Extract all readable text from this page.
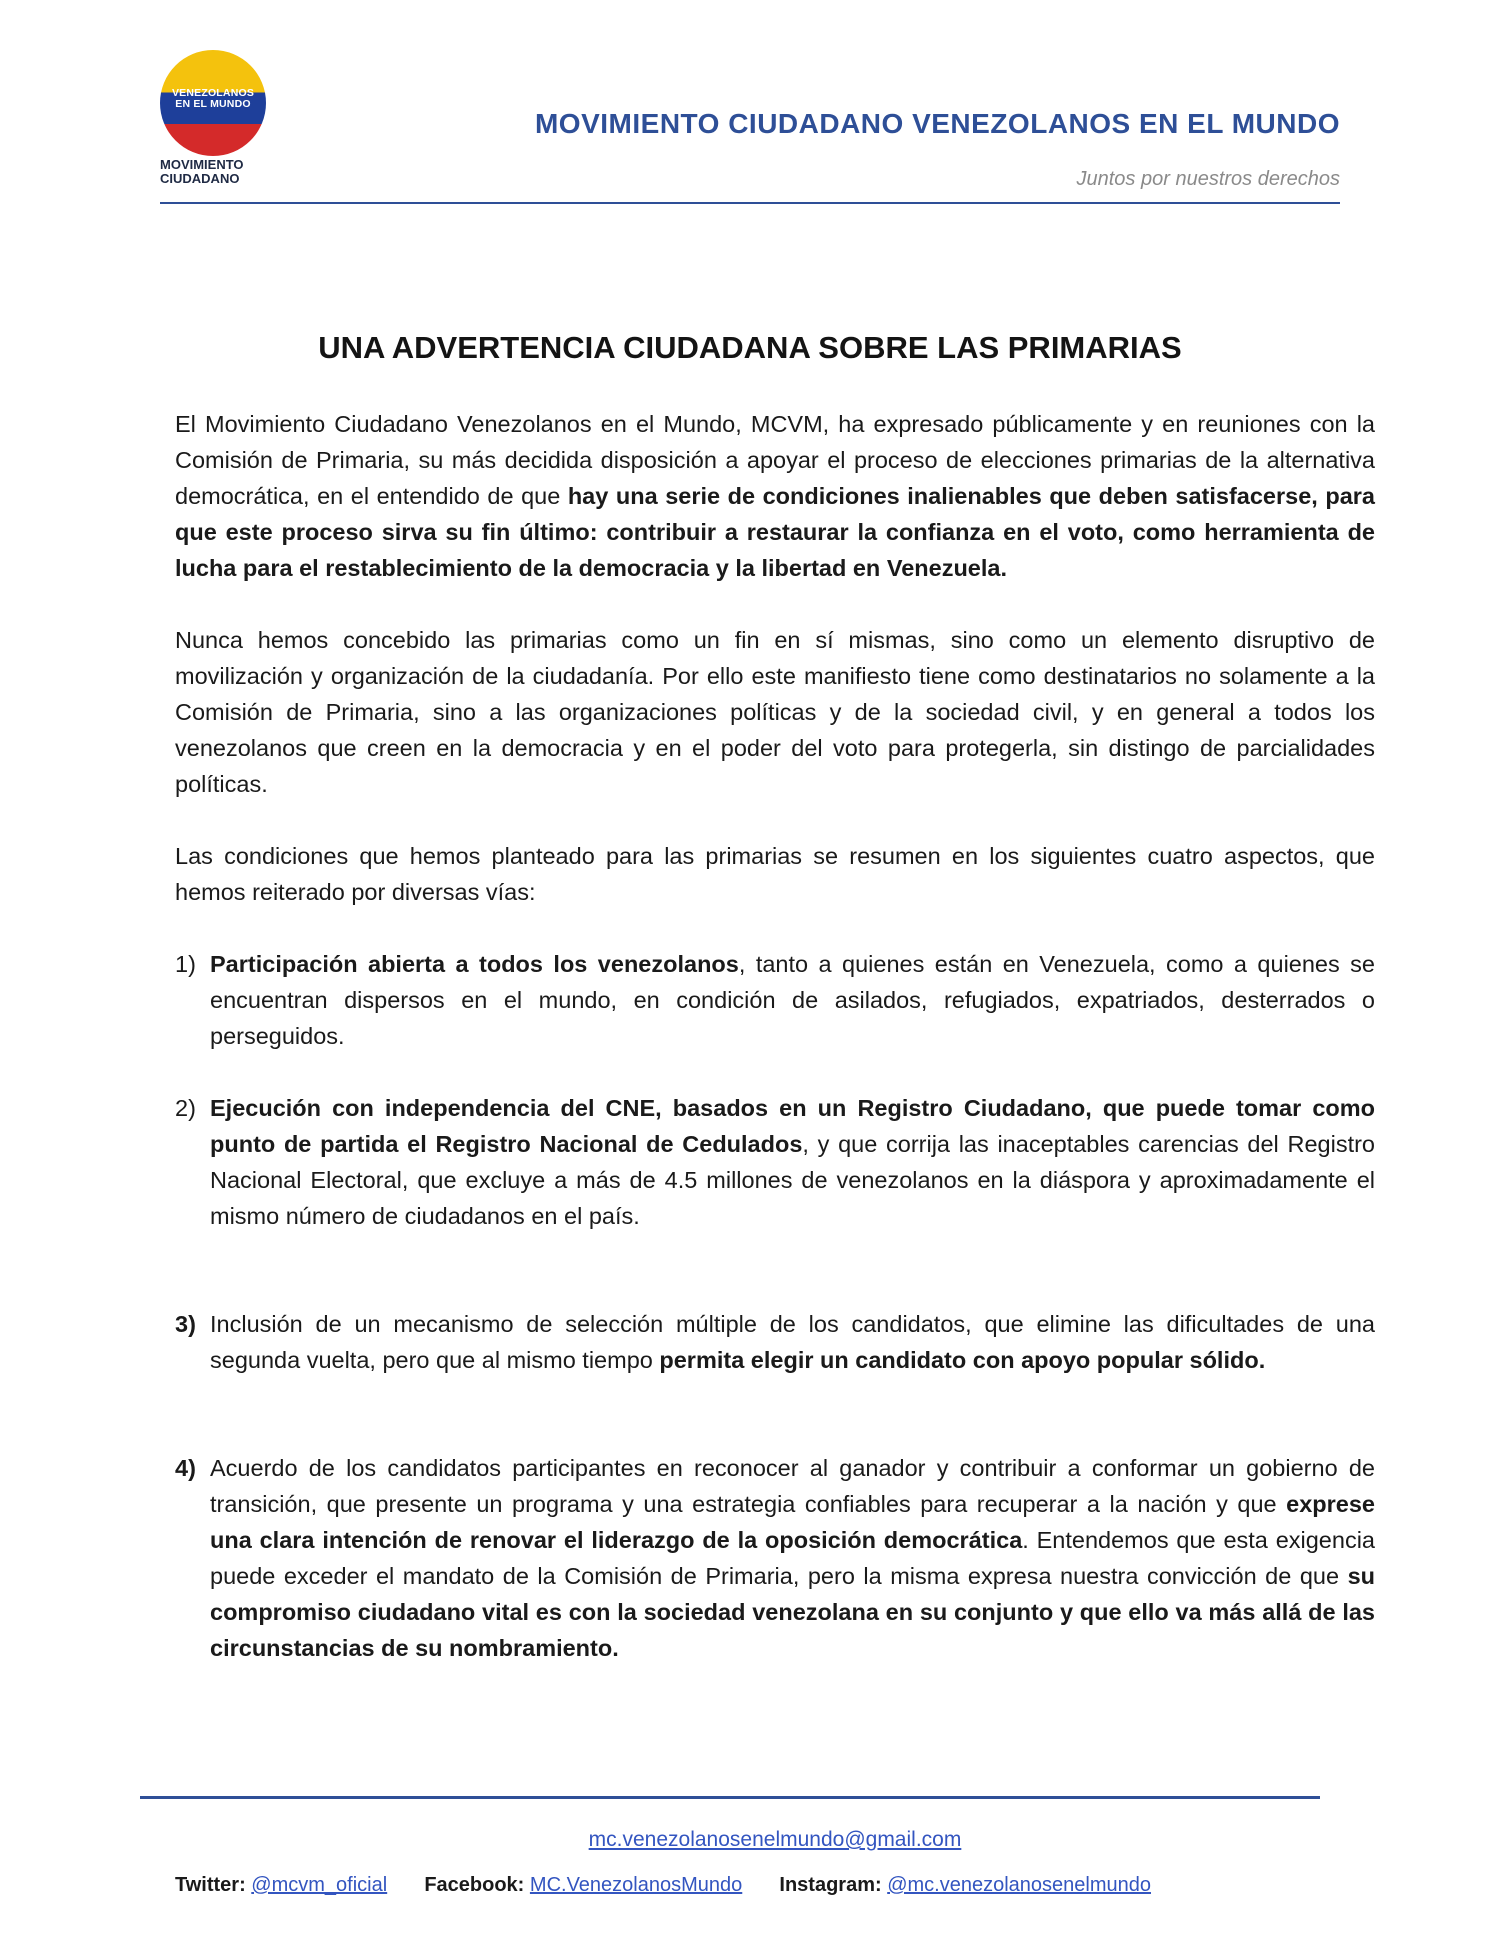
VENEZOLANOS
EN EL MUNDO
MOVIMIENTO
CIUDADANO
MOVIMIENTO CIUDADANO VENEZOLANOS EN EL MUNDO
Juntos por nuestros derechos
UNA ADVERTENCIA CIUDADANA SOBRE LAS PRIMARIAS

El Movimiento Ciudadano Venezolanos en el Mundo, MCVM, ha expresado públicamente y en reuniones con la Comisión de Primaria, su más decidida disposición a apoyar el proceso de elecciones primarias de la alternativa democrática, en el entendido de que hay una serie de condiciones inalienables que deben satisfacerse, para que este proceso sirva su fin último: contribuir a restaurar la confianza en el voto, como herramienta de lucha para el restablecimiento de la democracia y la libertad en Venezuela.

Nunca hemos concebido las primarias como un fin en sí mismas, sino como un elemento disruptivo de movilización y organización de la ciudadanía. Por ello este manifiesto tiene como destinatarios no solamente a la Comisión de Primaria, sino a las organizaciones políticas y de la sociedad civil, y en general a todos los venezolanos que creen en la democracia y en el poder del voto para protegerla, sin distingo de parcialidades políticas.

Las condiciones que hemos planteado para las primarias se resumen en los siguientes cuatro aspectos, que hemos reiterado por diversas vías:

1) Participación abierta a todos los venezolanos, tanto a quienes están en Venezuela, como a quienes se encuentran dispersos en el mundo, en condición de asilados, refugiados, expatriados, desterrados o perseguidos.
2) Ejecución con independencia del CNE, basados en un Registro Ciudadano, que puede tomar como punto de partida el Registro Nacional de Cedulados, y que corrija las inaceptables carencias del Registro Nacional Electoral, que excluye a más de 4.5 millones de venezolanos en la diáspora y aproximadamente el mismo número de ciudadanos en el país.
3) Inclusión de un mecanismo de selección múltiple de los candidatos, que elimine las dificultades de una segunda vuelta, pero que al mismo tiempo permita elegir un candidato con apoyo popular sólido.
4) Acuerdo de los candidatos participantes en reconocer al ganador y contribuir a conformar un gobierno de transición, que presente un programa y una estrategia confiables para recuperar a la nación y que exprese una clara intención de renovar el liderazgo de la oposición democrática. Entendemos que esta exigencia puede exceder el mandato de la Comisión de Primaria, pero la misma expresa nuestra convicción de que su compromiso ciudadano vital es con la sociedad venezolana en su conjunto y que ello va más allá de las circunstancias de su nombramiento.
mc.venezolanosenelmundo@gmail.com
Twitter: @mcvm_oficial Facebook: MC.VenezolanosMundo Instagram: @mc.venezolanosenelmundo
